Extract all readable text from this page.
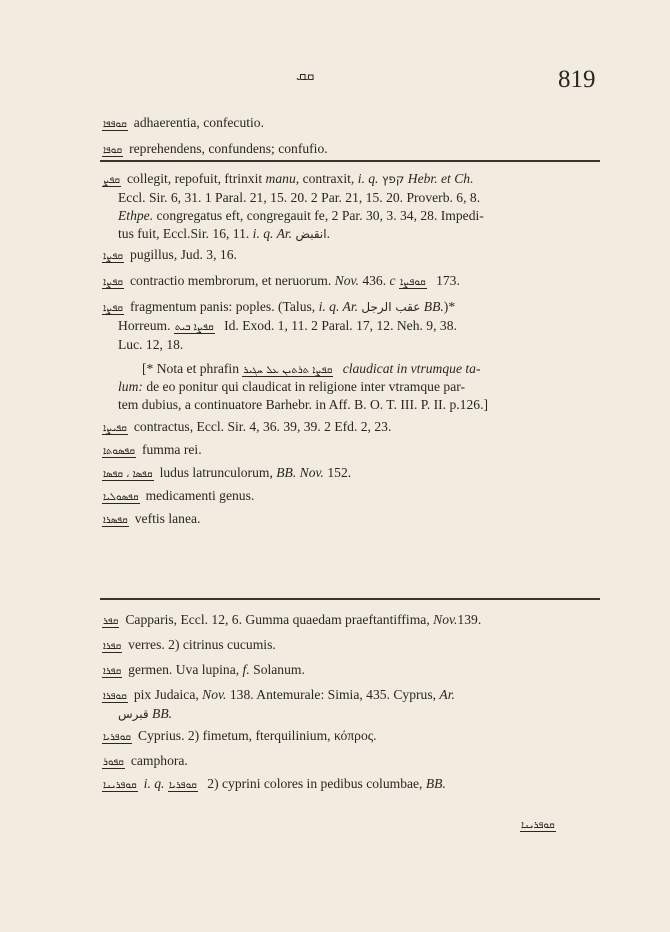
ܩܩ	819
ܩܘܦܦܐ adhaerentia, confecutio.
ܩܘܦܐ reprehendens, confundens; confufio.
ܩܦܨ collegit, repofuit, ftrinxit manu, contraxit, i. q. קפץ Hebr. et Ch.
Eccl. Sir. 6, 31. 1 Paral. 21, 15. 20. 2 Par. 21, 15. 20. Proverb. 6, 8.
Ethpe. congregatus eft, congregauit fe, 2 Par. 30, 3. 34, 28. Impedi-
tus fuit, Eccl.Sir. 16, 11. i. q. Ar. انقبض.
ܩܦܨܐ pugillus, Jud. 3, 16.
ܩܦܨܐ contractio membrorum, et neruorum. Nov. 436. c ܩܘܦܨܐ 173.
ܩܦܨܐ fragmentum panis: poples. (Talus, i. q. Ar. عقب الرجل BB.)*
Horreum. ܩܦܨܐ ܒܝܬ Id. Exod. 1, 11. 2 Paral. 17, 12. Neh. 9, 38.
Luc. 12, 18.
[* Nota et phrafin ܩܦܨܐ ܬܪܬܝܢ ܥܠ ܚܓܝܪ claudicat in vtrumque ta-
lum: de eo ponitur qui claudicat in religione inter vtramque par-
tem dubius, a continuatore Barhebr. in Aff. B. O. T. III. P. II. p.126.]
ܩܦܝܨܐ contractus, Eccl. Sir. 4, 36. 39, 39. 2 Efd. 2, 23.
ܩܦܣܘܬܐ fumma rei.
ܩܦܣܐ ، ܩܦܣܐ ludus latrunculorum, BB. Nov. 152.
ܩܦܣܘܠܝܐ medicamenti genus.
ܩܦܣܪܐ veftis lanea.
ܩܦܪ Capparis, Eccl. 12, 6. Gumma quaedam praeftantiffima, Nov.139.
ܩܦܪܐ verres. 2) citrinus cucumis.
ܩܦܪܐ germen. Uva lupina, f. Solanum.
ܩܘܦܪܐ pix Judaica, Nov. 138. Antemurale: Simia, 435. Cyprus, Ar.
قبرس BB.
ܩܘܦܪܝܐ Cyprius. 2) fimetum, fterquilinium, κόπρος.
ܩܦܘܪ camphora.
ܩܘܦܪܝܢܐ i. q. ܩܘܦܪܝܐ 2) cyprini colores in pedibus columbae, BB.
ܩܘܦܪܝܢܐ
